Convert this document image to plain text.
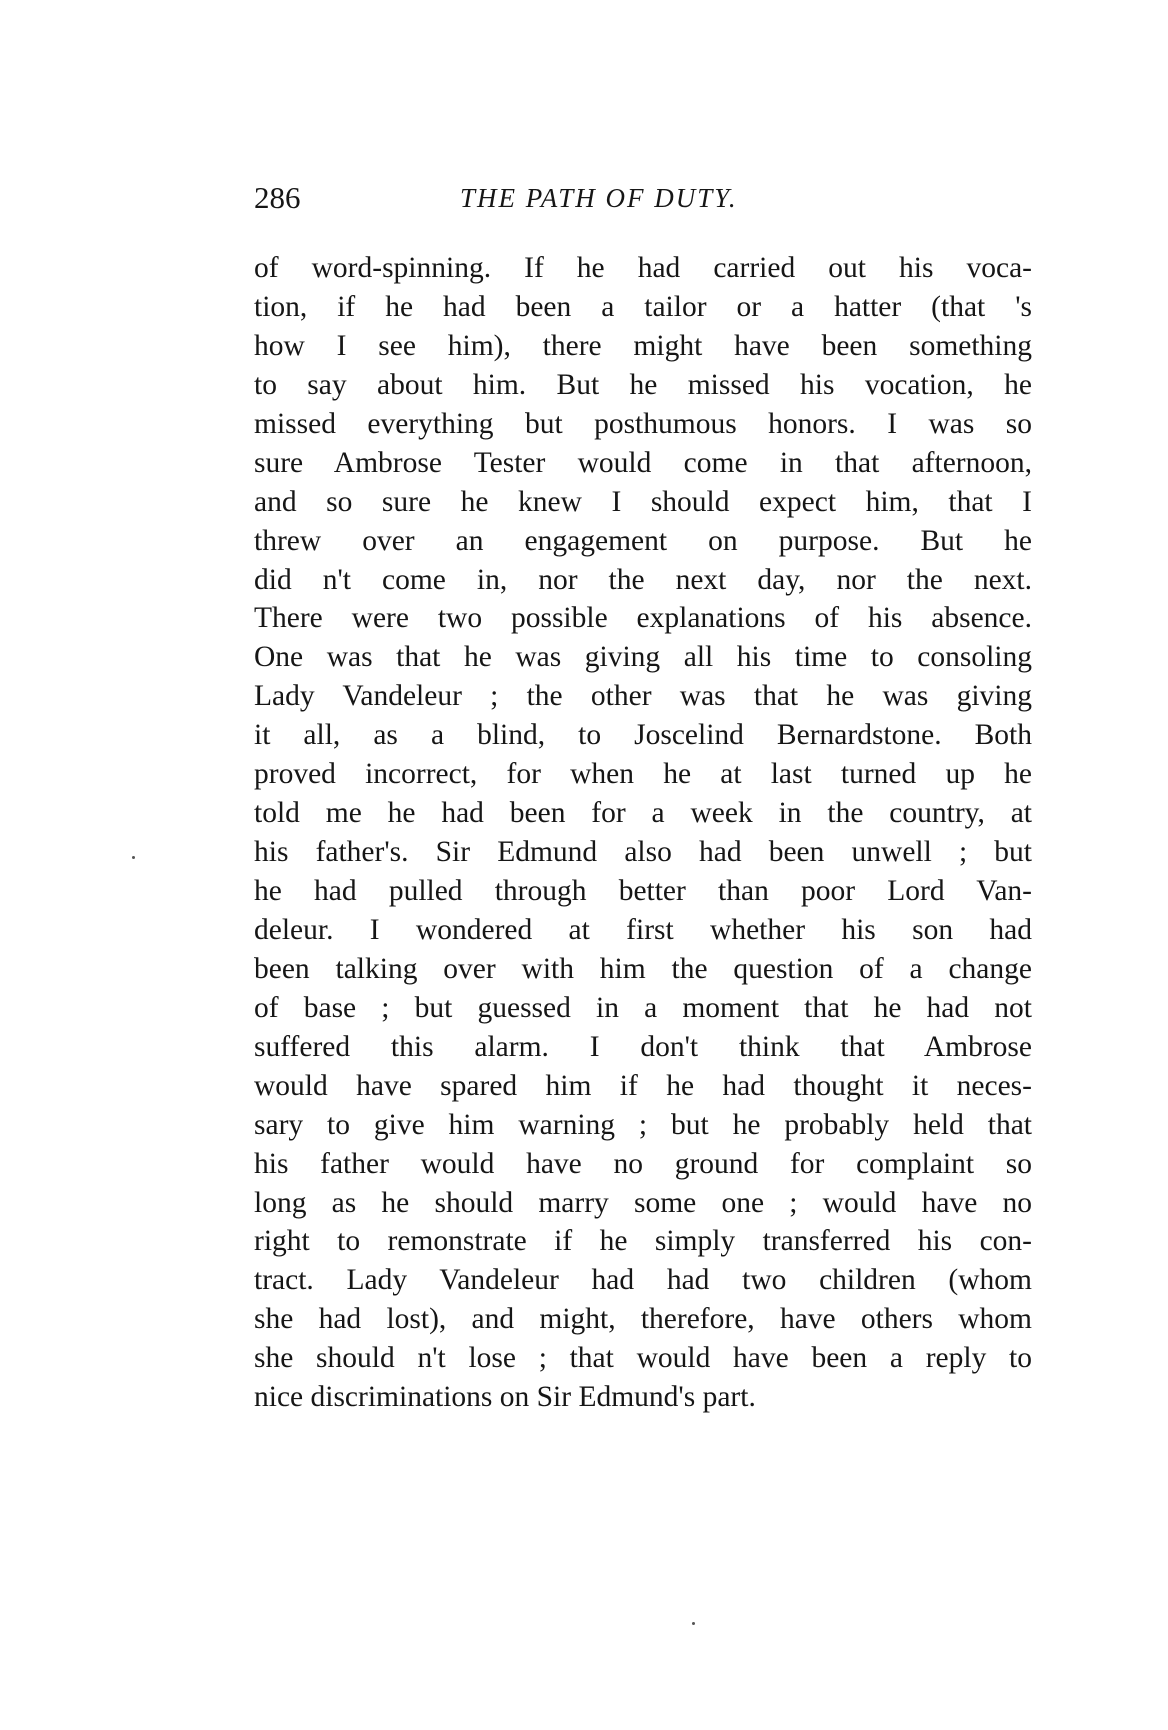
286	THE PATH OF DUTY.
of word-spinning. If he had carried out his voca-
tion, if he had been a tailor or a hatter (that 's
how I see him), there might have been something
to say about him. But he missed his vocation, he
missed everything but posthumous honors. I was so
sure Ambrose Tester would come in that afternoon,
and so sure he knew I should expect him, that I
threw over an engagement on purpose. But he
did n't come in, nor the next day, nor the next.
There were two possible explanations of his absence.
One was that he was giving all his time to consoling
Lady Vandeleur ; the other was that he was giving
it all, as a blind, to Joscelind Bernardstone. Both
proved incorrect, for when he at last turned up he
told me he had been for a week in the country, at
his father's. Sir Edmund also had been unwell ; but
he had pulled through better than poor Lord Van-
deleur. I wondered at first whether his son had
been talking over with him the question of a change
of base ; but guessed in a moment that he had not
suffered this alarm. I don't think that Ambrose
would have spared him if he had thought it neces-
sary to give him warning ; but he probably held that
his father would have no ground for complaint so
long as he should marry some one ; would have no
right to remonstrate if he simply transferred his con-
tract. Lady Vandeleur had had two children (whom
she had lost), and might, therefore, have others whom
she should n't lose ; that would have been a reply to
nice discriminations on Sir Edmund's part.
